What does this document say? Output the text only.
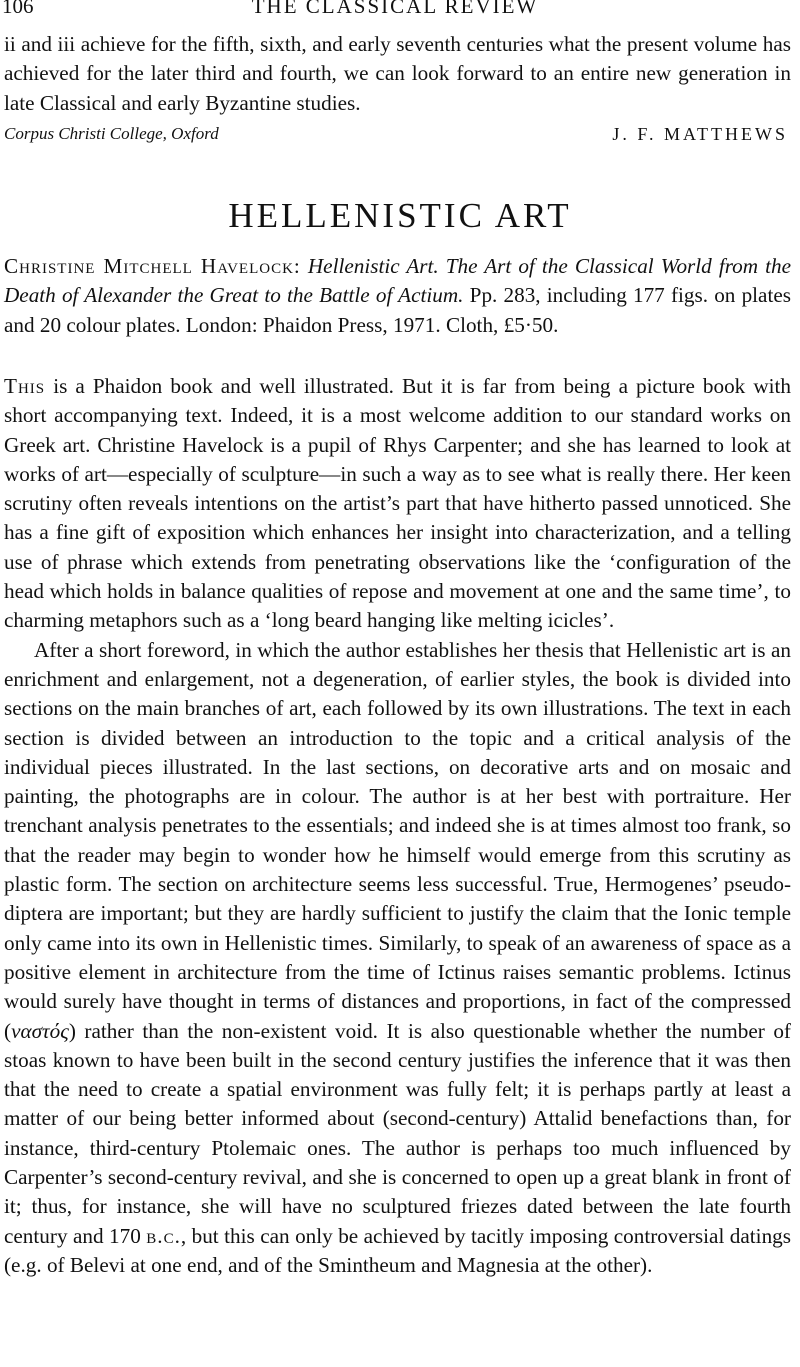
106	THE CLASSICAL REVIEW

ii and iii achieve for the fifth, sixth, and early seventh centuries what the present volume has achieved for the later third and fourth, we can look forward to an entire new generation in late Classical and early Byzantine studies.

Corpus Christi College, Oxford	J. F. MATTHEWS
HELLENISTIC ART
Christine Mitchell Havelock: Hellenistic Art. The Art of the Classical World from the Death of Alexander the Great to the Battle of Actium. Pp. 283, including 177 figs. on plates and 20 colour plates. London: Phaidon Press, 1971. Cloth, £5·50.

This is a Phaidon book and well illustrated. But it is far from being a picture book with short accompanying text. Indeed, it is a most welcome addition to our standard works on Greek art. Christine Havelock is a pupil of Rhys Carpenter; and she has learned to look at works of art—especially of sculpture—in such a way as to see what is really there. Her keen scrutiny often reveals intentions on the artist’s part that have hitherto passed unnoticed. She has a fine gift of exposition which enhances her insight into characterization, and a telling use of phrase which extends from penetrating observations like the ‘configuration of the head which holds in balance qualities of repose and movement at one and the same time’, to charming metaphors such as a ‘long beard hanging like melting icicles’.

After a short foreword, in which the author establishes her thesis that Hellenistic art is an enrichment and enlargement, not a degeneration, of earlier styles, the book is divided into sections on the main branches of art, each followed by its own illustrations. The text in each section is divided between an introduction to the topic and a critical analysis of the individual pieces illustrated. In the last sections, on decorative arts and on mosaic and painting, the photographs are in colour. The author is at her best with portraiture. Her trenchant analysis penetrates to the essentials; and indeed she is at times almost too frank, so that the reader may begin to wonder how he himself would emerge from this scrutiny as plastic form. The section on architecture seems less successful. True, Hermogenes’ pseudo-diptera are important; but they are hardly sufficient to justify the claim that the Ionic temple only came into its own in Hellenistic times. Similarly, to speak of an awareness of space as a positive element in architecture from the time of Ictinus raises semantic problems. Ictinus would surely have thought in terms of distances and proportions, in fact of the compressed (ναστός) rather than the non-existent void. It is also questionable whether the number of stoas known to have been built in the second century justifies the inference that it was then that the need to create a spatial environment was fully felt; it is perhaps partly at least a matter of our being better informed about (second-century) Attalid benefactions than, for instance, third-century Ptolemaic ones. The author is perhaps too much influenced by Carpenter’s second-century revival, and she is concerned to open up a great blank in front of it; thus, for instance, she will have no sculptured friezes dated between the late fourth century and 170 b.c., but this can only be achieved by tacitly imposing controversial datings (e.g. of Belevi at one end, and of the Smintheum and Magnesia at the other).
